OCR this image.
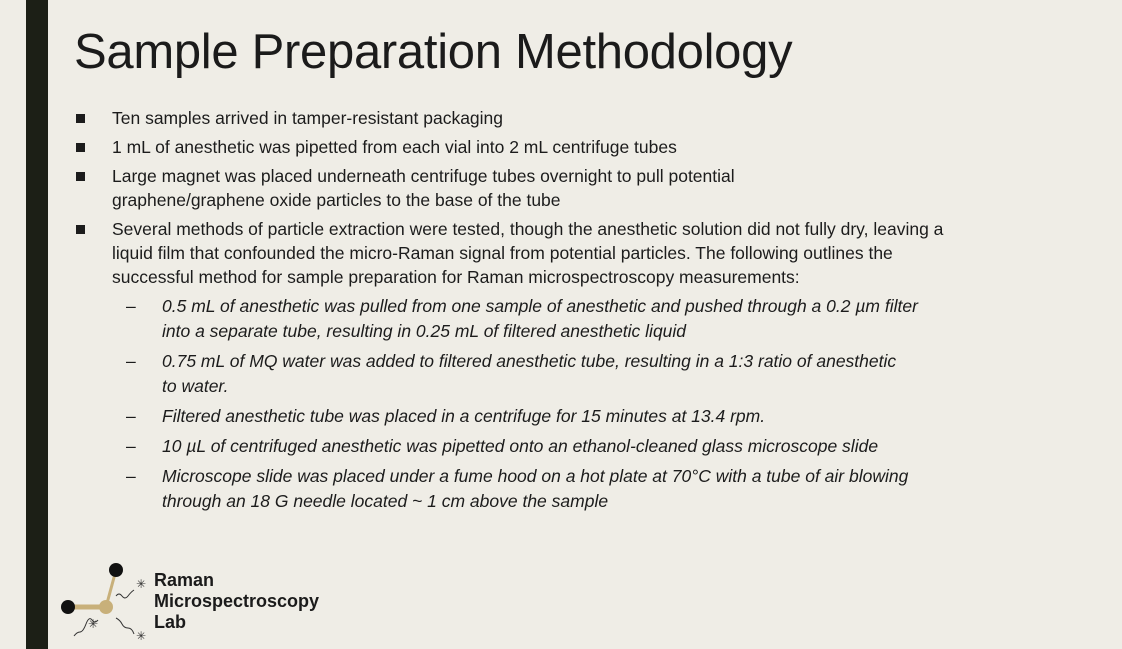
Sample Preparation Methodology
Ten samples arrived in tamper-resistant packaging
1 mL of anesthetic was pipetted from each vial into 2 mL centrifuge tubes
Large magnet was placed underneath centrifuge tubes overnight to pull potential graphene/graphene oxide particles to the base of the tube
Several methods of particle extraction were tested, though the anesthetic solution did not fully dry, leaving a liquid film that confounded the micro-Raman signal from potential particles. The following outlines the successful method for sample preparation for Raman microspectroscopy measurements:
– 0.5 mL of anesthetic was pulled from one sample of anesthetic and pushed through a 0.2 µm filter into a separate tube, resulting in 0.25 mL of filtered anesthetic liquid
– 0.75 mL of MQ water was added to filtered anesthetic tube, resulting in a 1:3 ratio of anesthetic to water.
– Filtered anesthetic tube was placed in a centrifuge for 15 minutes at 13.4 rpm.
– 10 µL of centrifuged anesthetic was pipetted onto an ethanol-cleaned glass microscope slide
– Microscope slide was placed under a fume hood on a hot plate at 70°C with a tube of air blowing through an 18 G needle located ~ 1 cm above the sample
✳
✳
✳
Raman
Microspectroscopy
Lab
